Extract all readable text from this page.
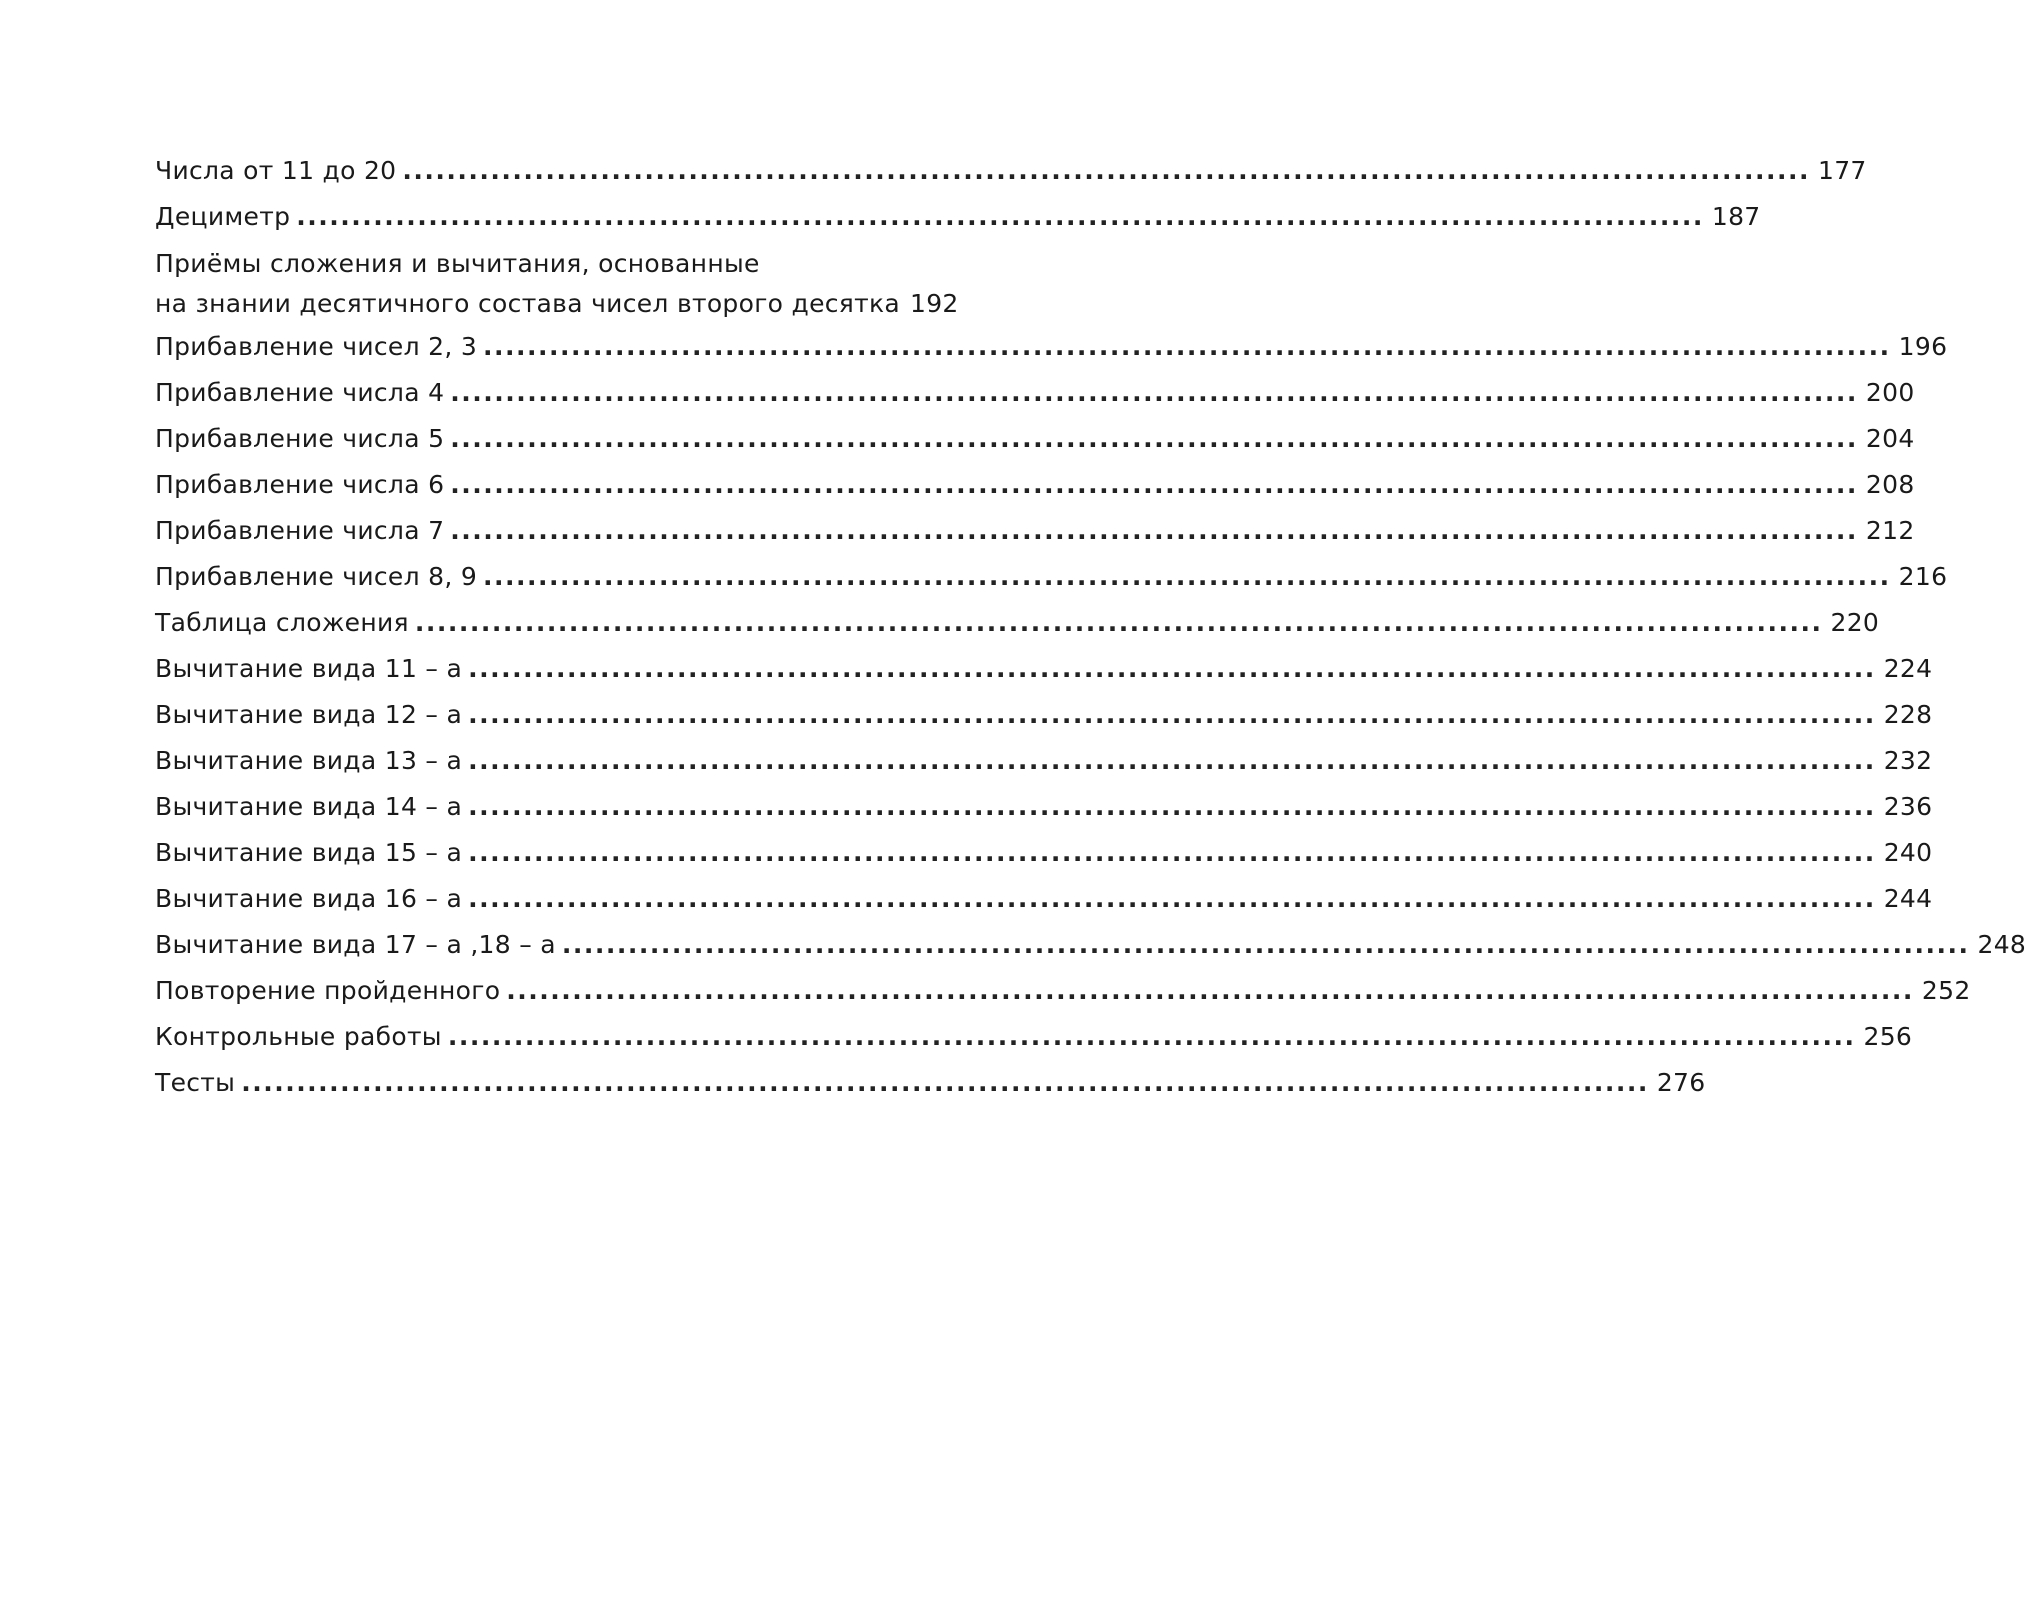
Числа от 11 до 20 ................................................................................................................................ 177
Дециметр ................................................................................................................................ 187
Приёмы сложения и вычитания, основанные
на знании десятичного состава чисел второго десятка 192
Прибавление чисел 2, 3 ................................................................................................................................ 196
Прибавление числа 4 ................................................................................................................................ 200
Прибавление числа 5 ................................................................................................................................ 204
Прибавление числа 6 ................................................................................................................................ 208
Прибавление числа 7 ................................................................................................................................ 212
Прибавление чисел 8, 9 ................................................................................................................................ 216
Таблица сложения ................................................................................................................................ 220
Вычитание вида 11 – а ................................................................................................................................ 224
Вычитание вида 12 – а ................................................................................................................................ 228
Вычитание вида 13 – а ................................................................................................................................ 232
Вычитание вида 14 – а ................................................................................................................................ 236
Вычитание вида 15 – а ................................................................................................................................ 240
Вычитание вида 16 – а ................................................................................................................................ 244
Вычитание вида 17 – а ,18 – а ................................................................................................................................ 248
Повторение пройденного ................................................................................................................................ 252
Контрольные работы ................................................................................................................................ 256
Тесты ................................................................................................................................ 276
